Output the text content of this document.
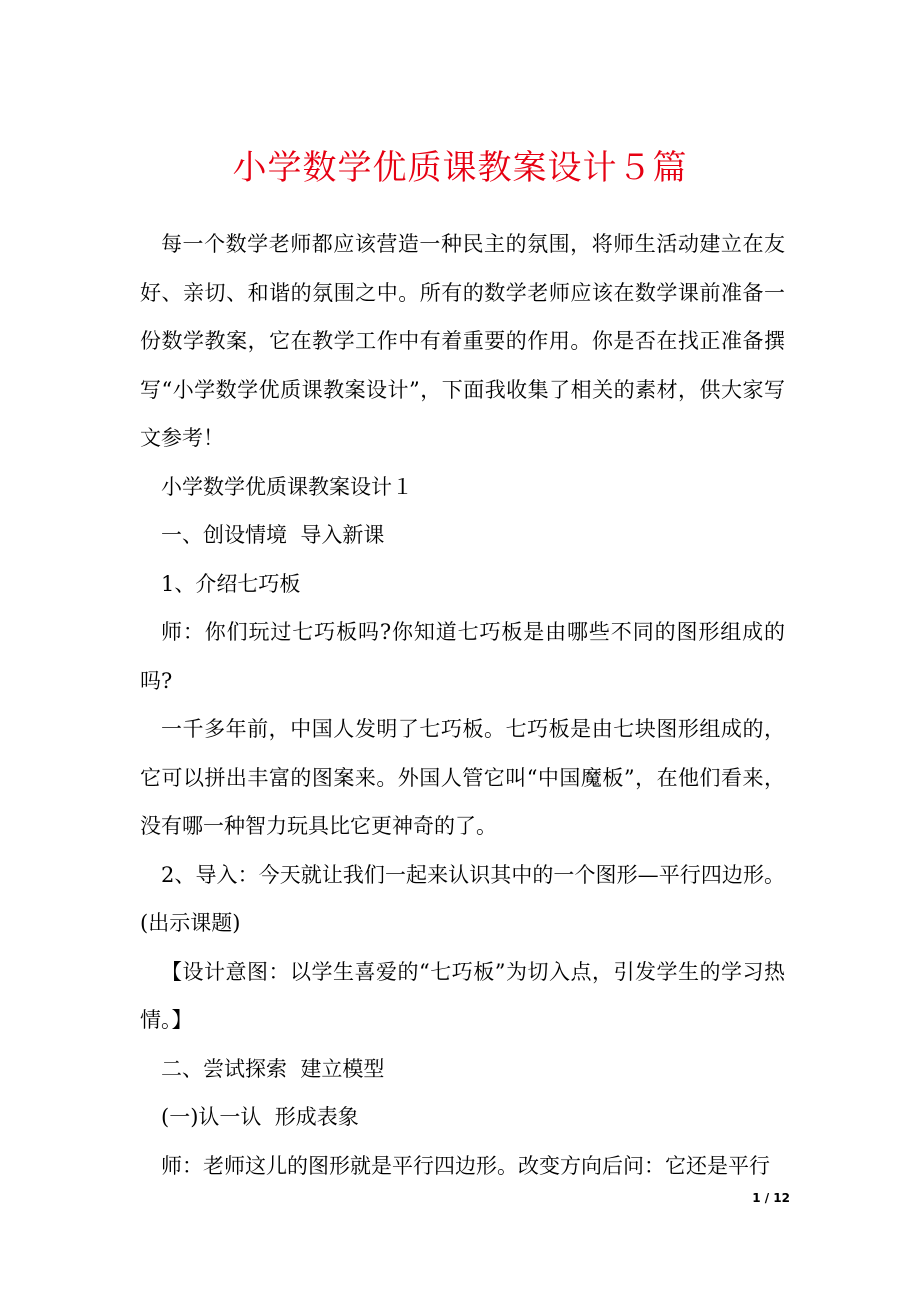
小学数学优质课教案设计５篇

每一个数学老师都应该营造一种民主的氛围，将师生活动建立在友好、亲切、和谐的氛围之中。所有的数学老师应该在数学课前准备一份数学教案，它在教学工作中有着重要的作用。你是否在找正准备撰写“小学数学优质课教案设计”，下面我收集了相关的素材，供大家写文参考！

小学数学优质课教案设计１

一、创设情境  导入新课

1、介绍七巧板

师：你们玩过七巧板吗?你知道七巧板是由哪些不同的图形组成的吗?

一千多年前，中国人发明了七巧板。七巧板是由七块图形组成的，它可以拼出丰富的图案来。外国人管它叫“中国魔板”，在他们看来，没有哪一种智力玩具比它更神奇的了。

2、导入：今天就让我们一起来认识其中的一个图形—平行四边形。(出示课题)

【设计意图：以学生喜爱的“七巧板”为切入点，引发学生的学习热情。】

二、尝试探索  建立模型

(一)认一认  形成表象

师：老师这儿的图形就是平行四边形。改变方向后问：它还是平行

1 / 12
